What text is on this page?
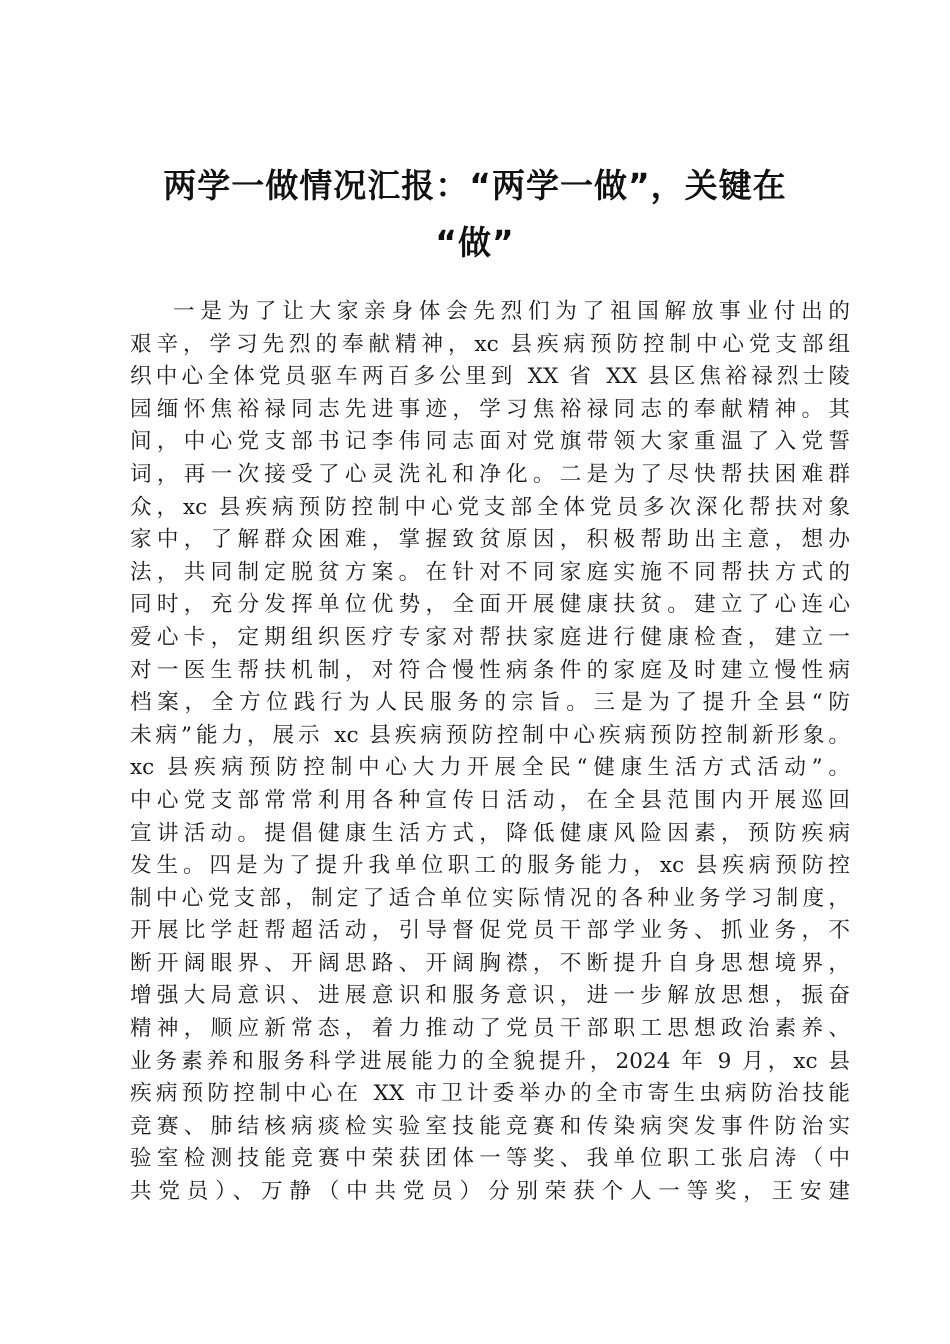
两学一做情况汇报：“两学一做”，关键在
“做”
一是为了让大家亲身体会先烈们为了祖国解放事业付出的
艰辛，学习先烈的奉献精神，xc 县疾病预防控制中心党支部组
织中心全体党员驱车两百多公里到 XX 省 XX 县区焦裕禄烈士陵
园缅怀焦裕禄同志先进事迹，学习焦裕禄同志的奉献精神。其
间，中心党支部书记李伟同志面对党旗带领大家重温了入党誓
词，再一次接受了心灵洗礼和净化。二是为了尽快帮扶困难群
众，xc 县疾病预防控制中心党支部全体党员多次深化帮扶对象
家中，了解群众困难，掌握致贫原因，积极帮助出主意，想办
法，共同制定脱贫方案。在针对不同家庭实施不同帮扶方式的
同时，充分发挥单位优势，全面开展健康扶贫。建立了心连心
爱心卡，定期组织医疗专家对帮扶家庭进行健康检查，建立一
对一医生帮扶机制，对符合慢性病条件的家庭及时建立慢性病
档案，全方位践行为人民服务的宗旨。三是为了提升全县“防
未病”能力，展示 xc 县疾病预防控制中心疾病预防控制新形象。
xc 县疾病预防控制中心大力开展全民“健康生活方式活动”。
中心党支部常常利用各种宣传日活动，在全县范围内开展巡回
宣讲活动。提倡健康生活方式，降低健康风险因素，预防疾病
发生。四是为了提升我单位职工的服务能力，xc 县疾病预防控
制中心党支部，制定了适合单位实际情况的各种业务学习制度，
开展比学赶帮超活动，引导督促党员干部学业务、抓业务，不
断开阔眼界、开阔思路、开阔胸襟，不断提升自身思想境界，
增强大局意识、进展意识和服务意识，进一步解放思想，振奋
精神，顺应新常态，着力推动了党员干部职工思想政治素养、
业务素养和服务科学进展能力的全貌提升，2024 年 9 月，xc 县
疾病预防控制中心在 XX 市卫计委举办的全市寄生虫病防治技能
竞赛、肺结核病痰检实验室技能竞赛和传染病突发事件防治实
验室检测技能竞赛中荣获团体一等奖、我单位职工张启涛（中
共党员）、万静（中共党员）分别荣获个人一等奖，王安建
